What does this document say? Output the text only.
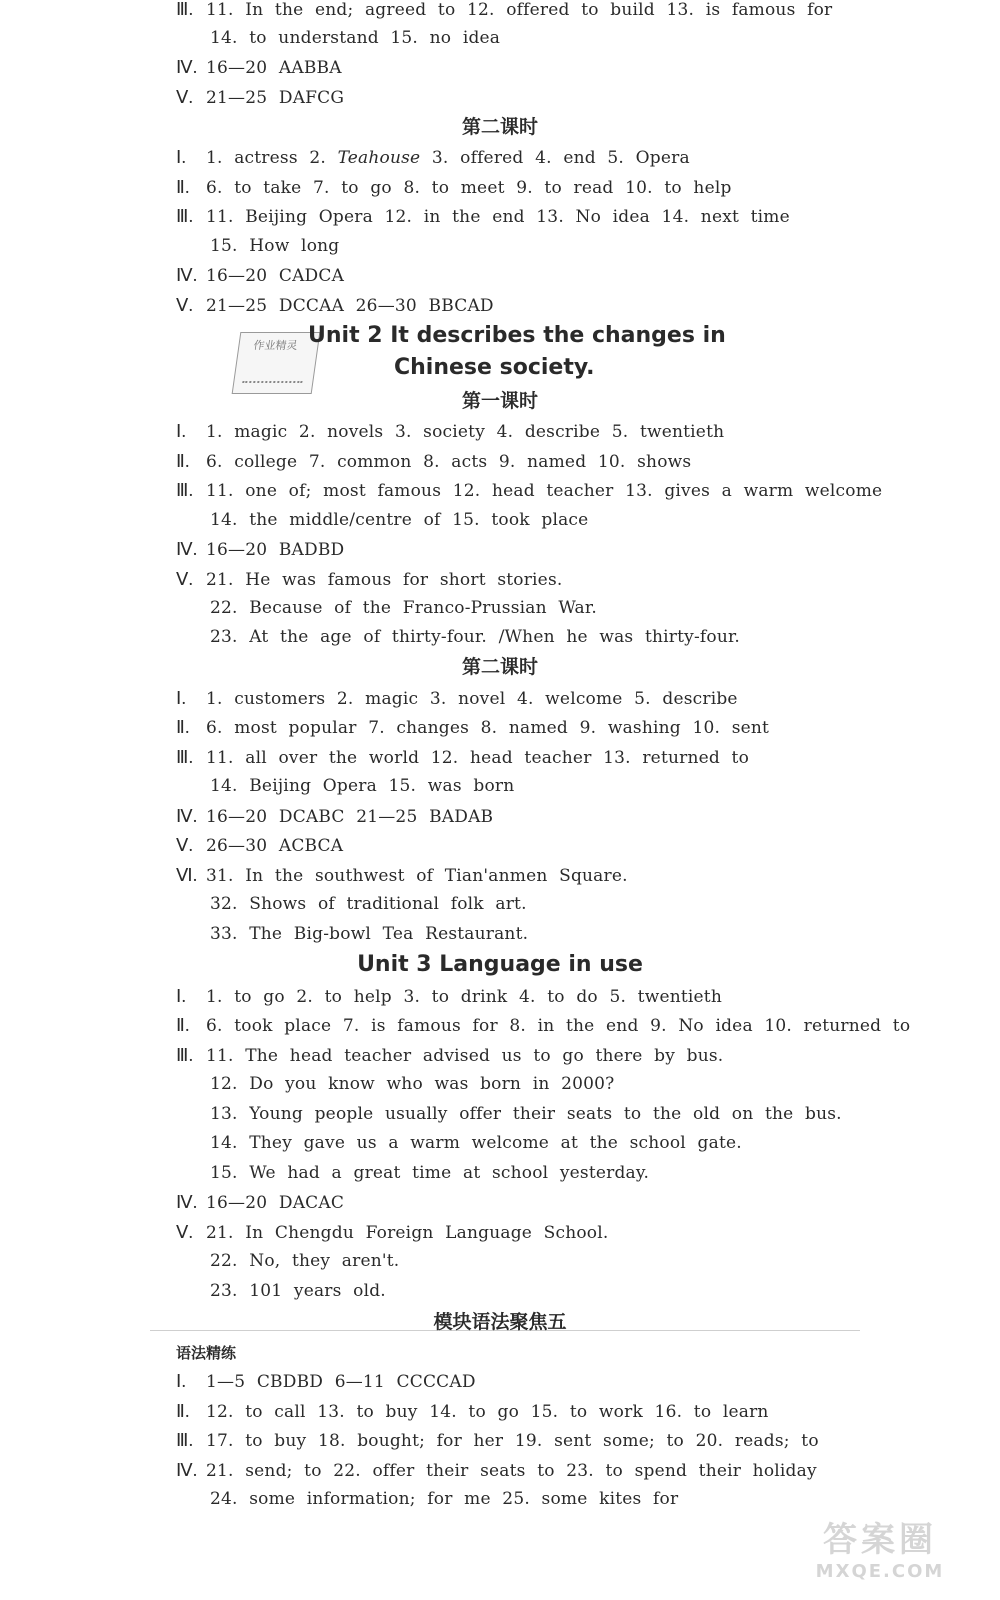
Ⅲ. 11. In the end; agreed to 12. offered to build 13. is famous for
14. to understand 15. no idea
Ⅳ. 16—20 AABBA
Ⅴ. 21—25 DAFCG
第二课时
Ⅰ. 1. actress 2. Teahouse 3. offered 4. end 5. Opera
Ⅱ. 6. to take 7. to go 8. to meet 9. to read 10. to help
Ⅲ. 11. Beijing Opera 12. in the end 13. No idea 14. next time
15. How long
Ⅳ. 16—20 CADCA
Ⅴ. 21—25 DCCAA 26—30 BBCAD
作业精灵 Unit 2 It describes the changes in
Chinese society.
第一课时
Ⅰ. 1. magic 2. novels 3. society 4. describe 5. twentieth
Ⅱ. 6. college 7. common 8. acts 9. named 10. shows
Ⅲ. 11. one of; most famous 12. head teacher 13. gives a warm welcome
14. the middle/centre of 15. took place
Ⅳ. 16—20 BADBD
Ⅴ. 21. He was famous for short stories.
22. Because of the Franco-Prussian War.
23. At the age of thirty-four. /When he was thirty-four.
第二课时
Ⅰ. 1. customers 2. magic 3. novel 4. welcome 5. describe
Ⅱ. 6. most popular 7. changes 8. named 9. washing 10. sent
Ⅲ. 11. all over the world 12. head teacher 13. returned to
14. Beijing Opera 15. was born
Ⅳ. 16—20 DCABC 21—25 BADAB
Ⅴ. 26—30 ACBCA
Ⅵ. 31. In the southwest of Tian'anmen Square.
32. Shows of traditional folk art.
33. The Big-bowl Tea Restaurant.
Unit 3 Language in use
Ⅰ. 1. to go 2. to help 3. to drink 4. to do 5. twentieth
Ⅱ. 6. took place 7. is famous for 8. in the end 9. No idea 10. returned to
Ⅲ. 11. The head teacher advised us to go there by bus.
12. Do you know who was born in 2000?
13. Young people usually offer their seats to the old on the bus.
14. They gave us a warm welcome at the school gate.
15. We had a great time at school yesterday.
Ⅳ. 16—20 DACAC
Ⅴ. 21. In Chengdu Foreign Language School.
22. No, they aren't.
23. 101 years old.
模块语法聚焦五
语法精练
Ⅰ. 1—5 CBDBD 6—11 CCCCAD
Ⅱ. 12. to call 13. to buy 14. to go 15. to work 16. to learn
Ⅲ. 17. to buy 18. bought; for her 19. sent some; to 20. reads; to
Ⅳ. 21. send; to 22. offer their seats to 23. to spend their holiday
24. some information; for me 25. some kites for
答案圈
MXQE.COM
